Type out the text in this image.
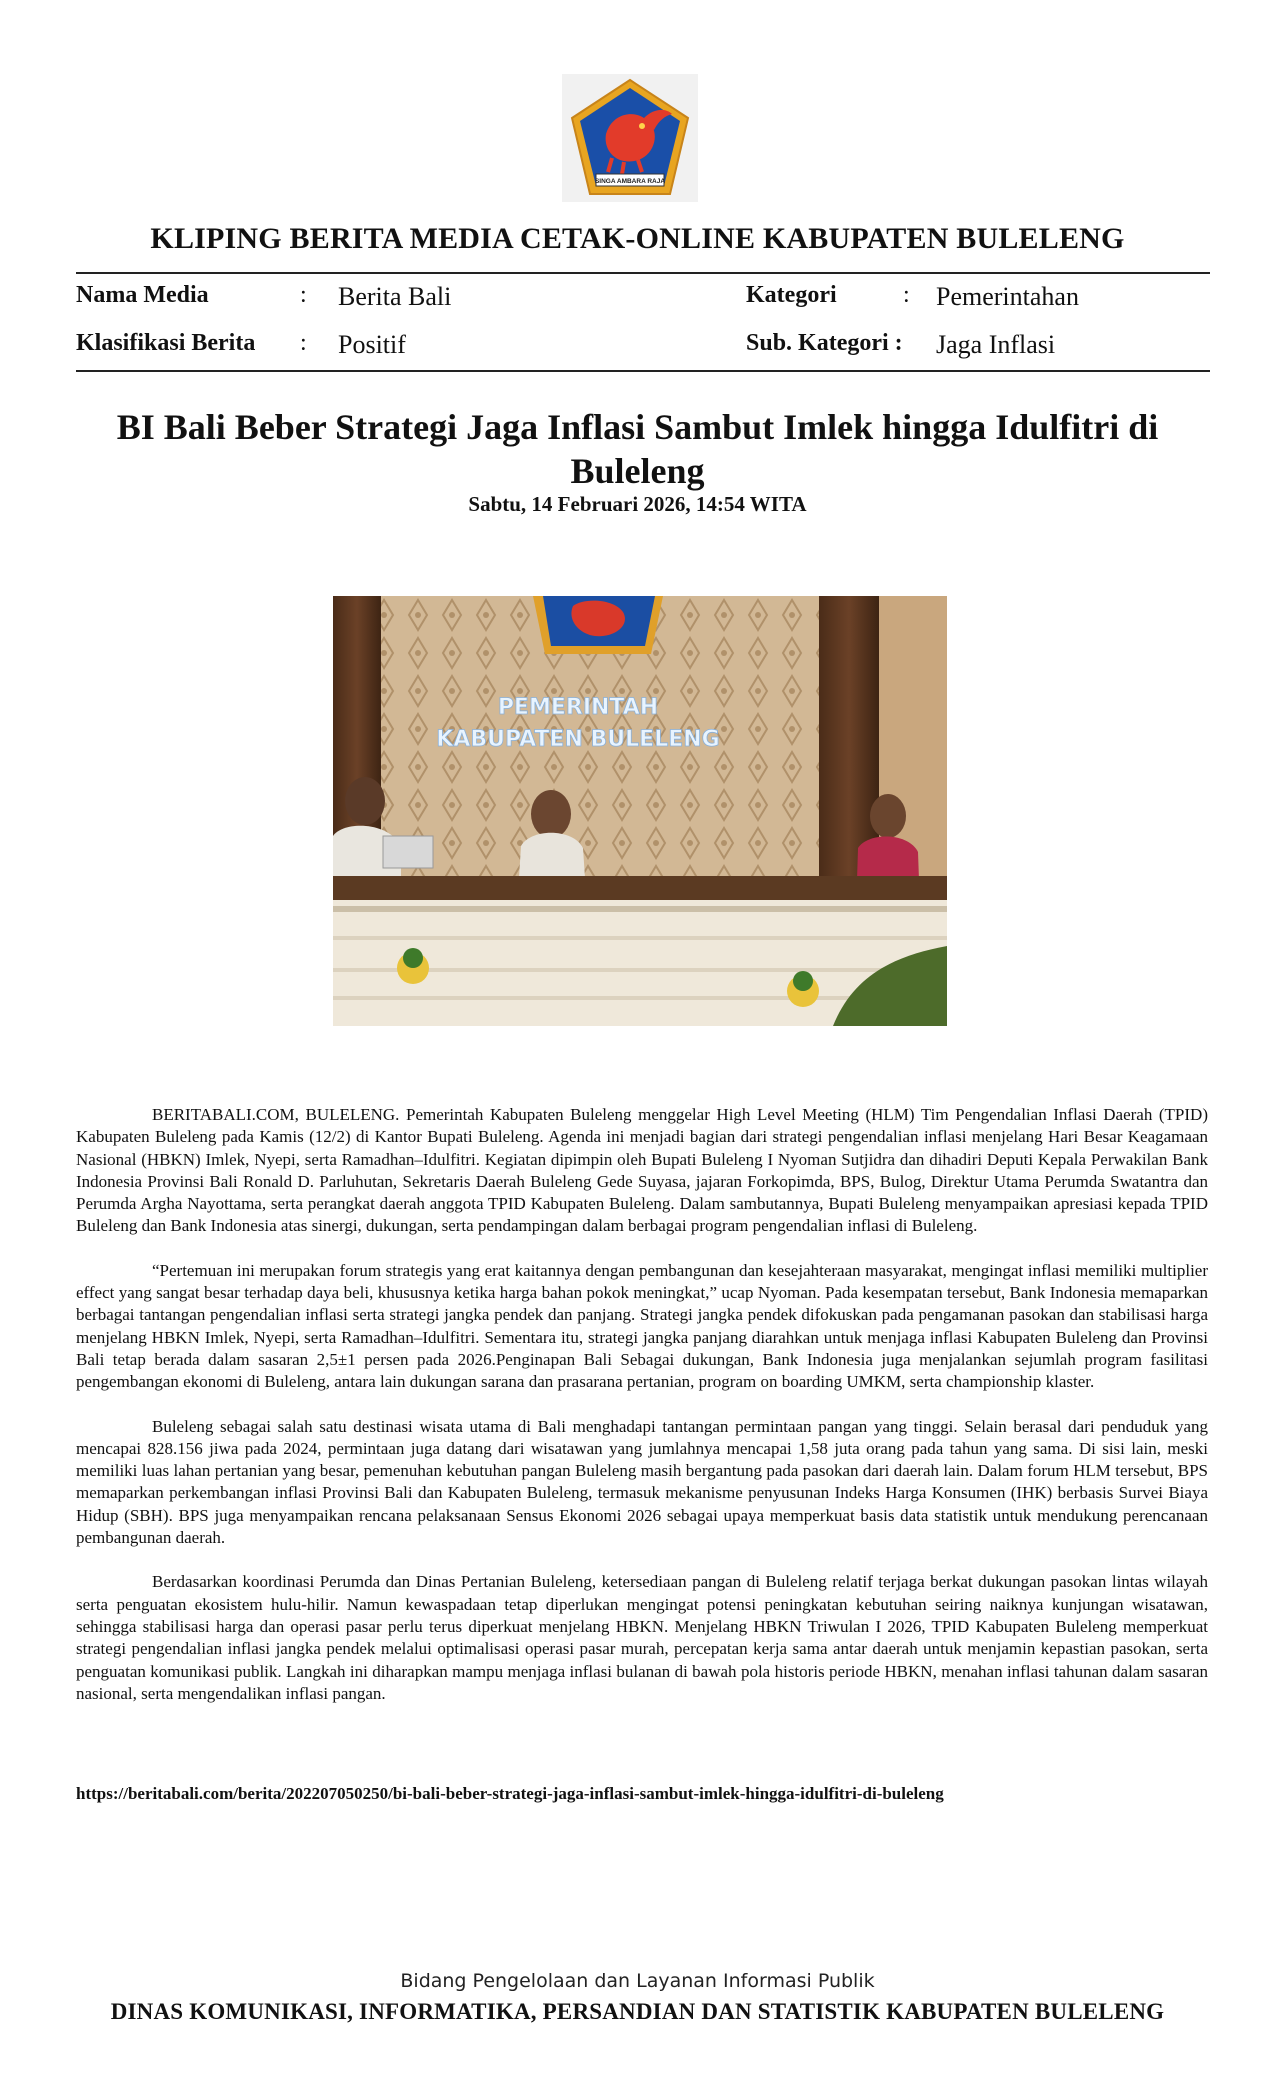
SINGA AMBARA RAJA
KLIPING BERITA MEDIA CETAK-ONLINE KABUPATEN BULELENG
Nama Media	: Berita Bali
Klasifikasi Berita : Positif
Kategori	: Pemerintahan
Sub. Kategori : Jaga Inflasi
BI Bali Beber Strategi Jaga Inflasi Sambut Imlek hingga Idulfitri di Buleleng
Sabtu, 14 Februari 2026, 14:54 WITA
PEMERINTAH
KABUPATEN BULELENG

BERITABALI.COM, BULELENG. Pemerintah Kabupaten Buleleng menggelar High Level Meeting (HLM) Tim Pengendalian Inflasi Daerah (TPID) Kabupaten Buleleng pada Kamis (12/2) di Kantor Bupati Buleleng. Agenda ini menjadi bagian dari strategi pengendalian inflasi menjelang Hari Besar Keagamaan Nasional (HBKN) Imlek, Nyepi, serta Ramadhan–Idulfitri. Kegiatan dipimpin oleh Bupati Buleleng I Nyoman Sutjidra dan dihadiri Deputi Kepala Perwakilan Bank Indonesia Provinsi Bali Ronald D. Parluhutan, Sekretaris Daerah Buleleng Gede Suyasa, jajaran Forkopimda, BPS, Bulog, Direktur Utama Perumda Swatantra dan Perumda Argha Nayottama, serta perangkat daerah anggota TPID Kabupaten Buleleng. Dalam sambutannya, Bupati Buleleng menyampaikan apresiasi kepada TPID Buleleng dan Bank Indonesia atas sinergi, dukungan, serta pendampingan dalam berbagai program pengendalian inflasi di Buleleng.

“Pertemuan ini merupakan forum strategis yang erat kaitannya dengan pembangunan dan kesejahteraan masyarakat, mengingat inflasi memiliki multiplier effect yang sangat besar terhadap daya beli, khususnya ketika harga bahan pokok meningkat,” ucap Nyoman. Pada kesempatan tersebut, Bank Indonesia memaparkan berbagai tantangan pengendalian inflasi serta strategi jangka pendek dan panjang. Strategi jangka pendek difokuskan pada pengamanan pasokan dan stabilisasi harga menjelang HBKN Imlek, Nyepi, serta Ramadhan–Idulfitri. Sementara itu, strategi jangka panjang diarahkan untuk menjaga inflasi Kabupaten Buleleng dan Provinsi Bali tetap berada dalam sasaran 2,5±1 persen pada 2026.Penginapan Bali Sebagai dukungan, Bank Indonesia juga menjalankan sejumlah program fasilitasi pengembangan ekonomi di Buleleng, antara lain dukungan sarana dan prasarana pertanian, program on boarding UMKM, serta championship klaster.

Buleleng sebagai salah satu destinasi wisata utama di Bali menghadapi tantangan permintaan pangan yang tinggi. Selain berasal dari penduduk yang mencapai 828.156 jiwa pada 2024, permintaan juga datang dari wisatawan yang jumlahnya mencapai 1,58 juta orang pada tahun yang sama. Di sisi lain, meski memiliki luas lahan pertanian yang besar, pemenuhan kebutuhan pangan Buleleng masih bergantung pada pasokan dari daerah lain. Dalam forum HLM tersebut, BPS memaparkan perkembangan inflasi Provinsi Bali dan Kabupaten Buleleng, termasuk mekanisme penyusunan Indeks Harga Konsumen (IHK) berbasis Survei Biaya Hidup (SBH). BPS juga menyampaikan rencana pelaksanaan Sensus Ekonomi 2026 sebagai upaya memperkuat basis data statistik untuk mendukung perencanaan pembangunan daerah.

Berdasarkan koordinasi Perumda dan Dinas Pertanian Buleleng, ketersediaan pangan di Buleleng relatif terjaga berkat dukungan pasokan lintas wilayah serta penguatan ekosistem hulu-hilir. Namun kewaspadaan tetap diperlukan mengingat potensi peningkatan kebutuhan seiring naiknya kunjungan wisatawan, sehingga stabilisasi harga dan operasi pasar perlu terus diperkuat menjelang HBKN. Menjelang HBKN Triwulan I 2026, TPID Kabupaten Buleleng memperkuat strategi pengendalian inflasi jangka pendek melalui optimalisasi operasi pasar murah, percepatan kerja sama antar daerah untuk menjamin kepastian pasokan, serta penguatan komunikasi publik. Langkah ini diharapkan mampu menjaga inflasi bulanan di bawah pola historis periode HBKN, menahan inflasi tahunan dalam sasaran nasional, serta mengendalikan inflasi pangan.

https://beritabali.com/berita/202207050250/bi-bali-beber-strategi-jaga-inflasi-sambut-imlek-hingga-idulfitri-di-buleleng
Bidang Pengelolaan dan Layanan Informasi Publik
DINAS KOMUNIKASI, INFORMATIKA, PERSANDIAN DAN STATISTIK KABUPATEN BULELENG
